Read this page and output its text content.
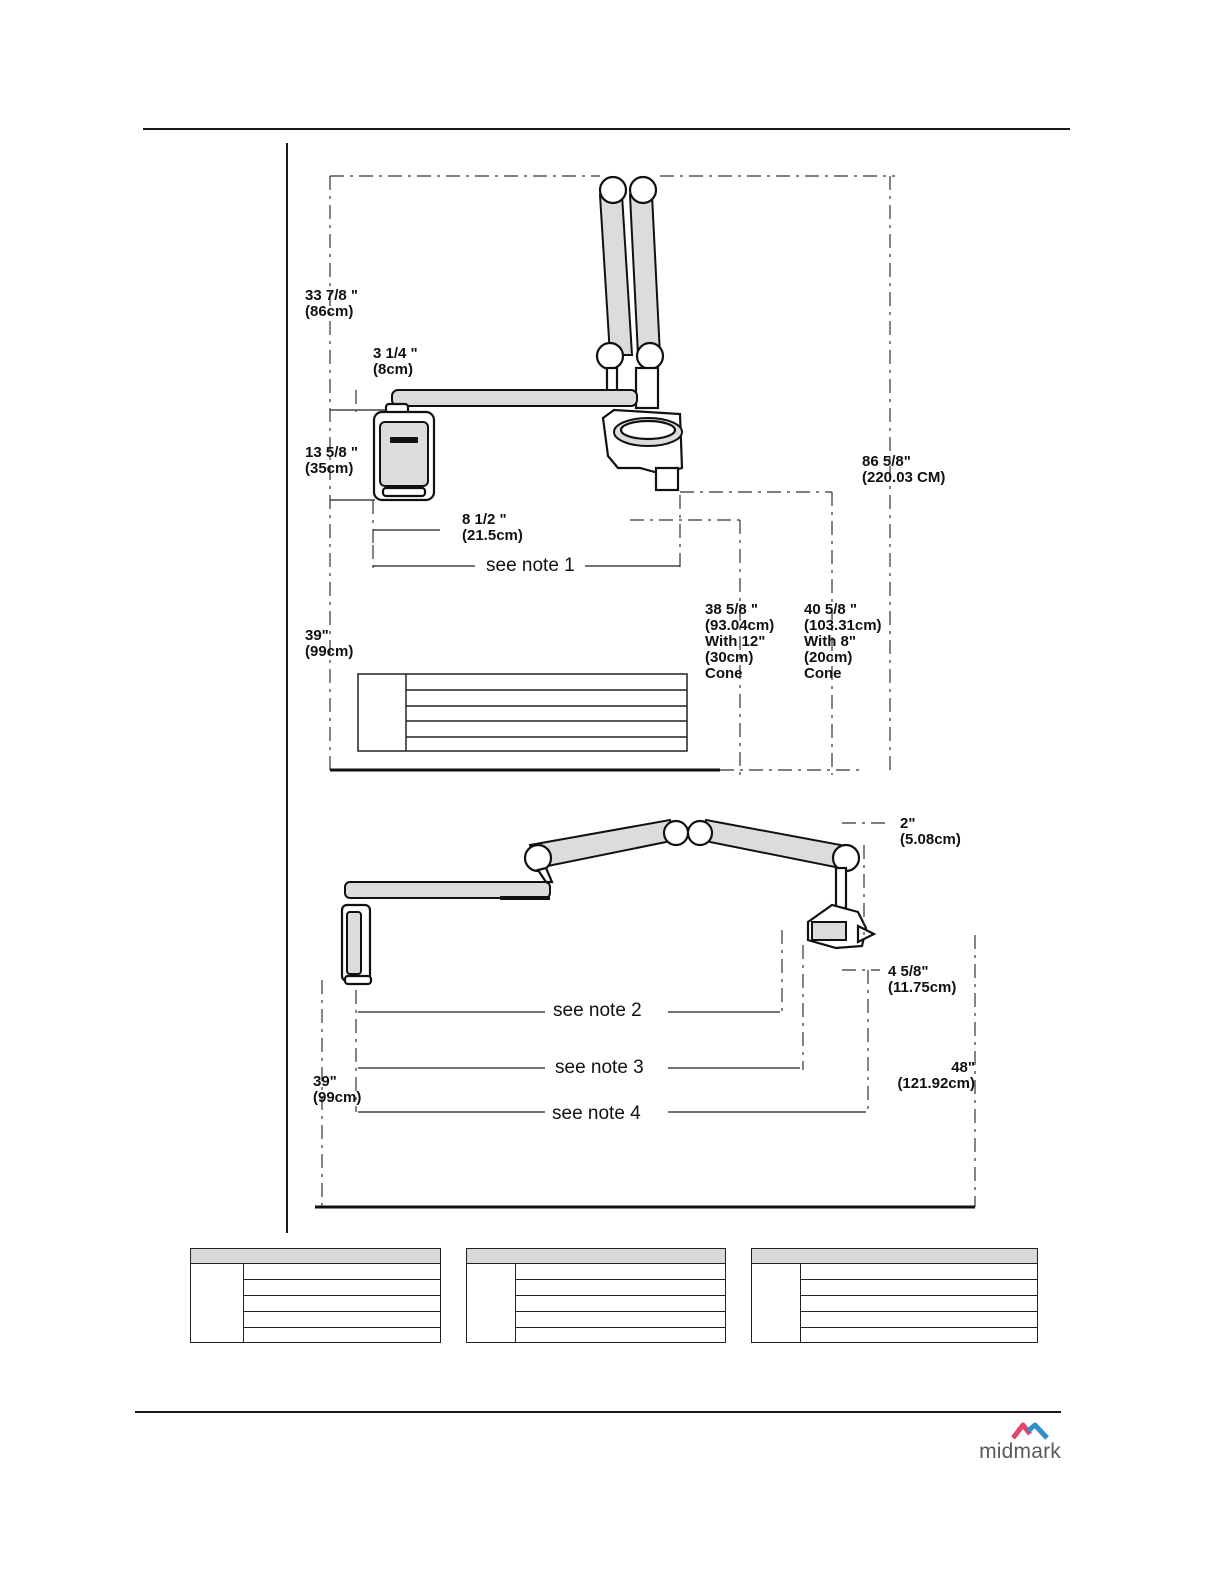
33 7/8 " (86cm)
3 1/4 " (8cm)
13 5/8 " (35cm)
8 1/2 " (21.5cm)
see note 1
39" (99cm)
38 5/8 " (93.04cm) With 12" (30cm) Cone
40 5/8 " (103.31cm) With 8" (20cm) Cone
86 5/8" (220.03 CM)
2" (5.08cm)
4 5/8" (11.75cm)
see note 2
see note 3
see note 4
39" (99cm)
48" (121.92cm)
midmark
